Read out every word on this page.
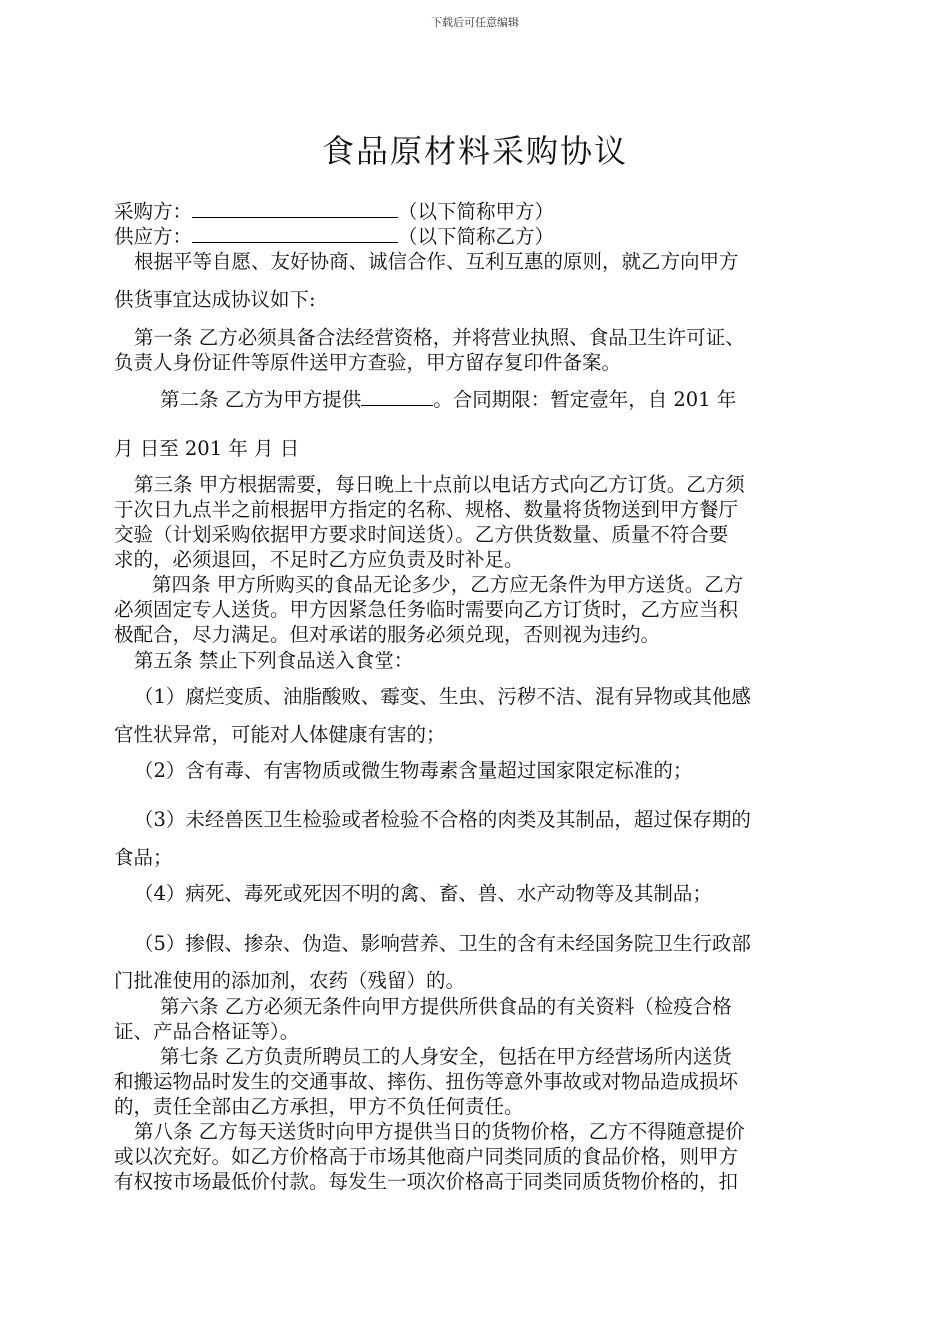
下载后可任意编辑
食品原材料采购协议
采购方：	（以下简称甲方）
供应方：	（以下简称乙方）
根据平等自愿、友好协商、诚信合作、互利互惠的原则，就乙方向甲方
供货事宜达成协议如下:
第一条 乙方必须具备合法经营资格，并将营业执照、食品卫生许可证、
负责人身份证件等原件送甲方查验，甲方留存复印件备案。
第二条 乙方为甲方提供	。合同期限：暂定壹年，自 201 年
月 日至 201 年 月 日
第三条 甲方根据需要，每日晚上十点前以电话方式向乙方订货。乙方须
于次日九点半之前根据甲方指定的名称、规格、数量将货物送到甲方餐厅
交验（计划采购依据甲方要求时间送货）。乙方供货数量、质量不符合要
求的，必须退回，不足时乙方应负责及时补足。
第四条 甲方所购买的食品无论多少，乙方应无条件为甲方送货。乙方
必须固定专人送货。甲方因紧急任务临时需要向乙方订货时，乙方应当积
极配合，尽力满足。但对承诺的服务必须兑现，否则视为违约。
第五条 禁止下列食品送入食堂：
（1）腐烂变质、油脂酸败、霉变、生虫、污秽不洁、混有异物或其他感
官性状异常，可能对人体健康有害的；
（2）含有毒、有害物质或微生物毒素含量超过国家限定标准的；
（3）未经兽医卫生检验或者检验不合格的肉类及其制品，超过保存期的
食品；
（4）病死、毒死或死因不明的禽、畜、兽、水产动物等及其制品；
（5）掺假、掺杂、伪造、影响营养、卫生的含有未经国务院卫生行政部
门批准使用的添加剂，农药（残留）的。
第六条 乙方必须无条件向甲方提供所供食品的有关资料（检疫合格
证、产品合格证等）。
第七条 乙方负责所聘员工的人身安全，包括在甲方经营场所内送货
和搬运物品时发生的交通事故、摔伤、扭伤等意外事故或对物品造成损坏
的，责任全部由乙方承担，甲方不负任何责任。
第八条 乙方每天送货时向甲方提供当日的货物价格，乙方不得随意提价
或以次充好。如乙方价格高于市场其他商户同类同质的食品价格，则甲方
有权按市场最低价付款。每发生一项次价格高于同类同质货物价格的，扣
